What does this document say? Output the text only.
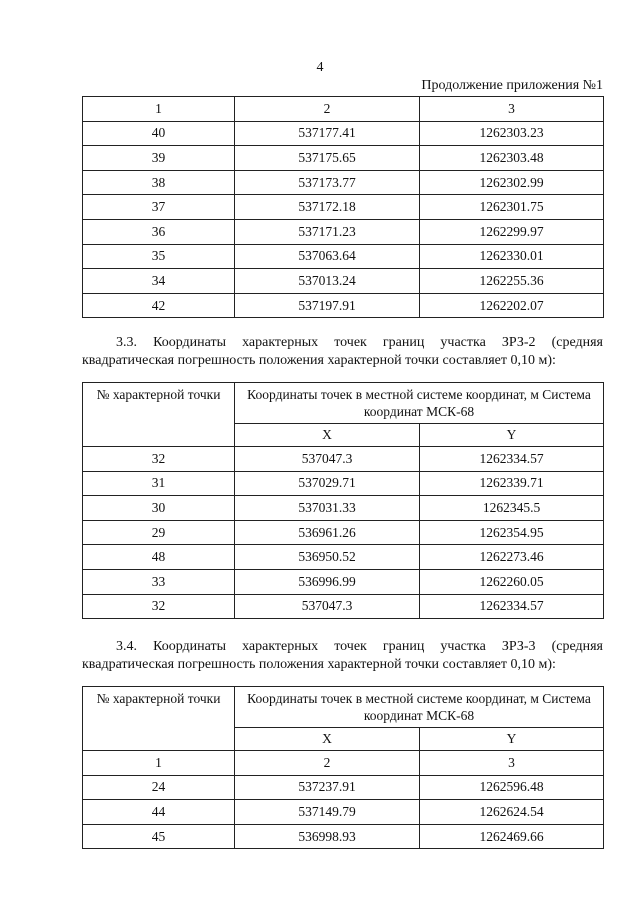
4
Продолжение приложения №1
1	2	3
40	537177.41	1262303.23
39	537175.65	1262303.48
38	537173.77	1262302.99
37	537172.18	1262301.75
36	537171.23	1262299.97
35	537063.64	1262330.01
34	537013.24	1262255.36
42	537197.91	1262202.07
3.3. Координаты характерных точек границ участка ЗРЗ-2 (средняя квадратическая погрешность положения характерной точки составляет 0,10 м):
№ характерной точки	Координаты точек в местной системе координат, м Система координат МСК-68	
	X	Y
32	537047.3	1262334.57
31	537029.71	1262339.71
30	537031.33	1262345.5
29	536961.26	1262354.95
48	536950.52	1262273.46
33	536996.99	1262260.05
32	537047.3	1262334.57
3.4. Координаты характерных точек границ участка ЗРЗ-3 (средняя квадратическая погрешность положения характерной точки составляет 0,10 м):
№ характерной точки	Координаты точек в местной системе координат, м Система координат МСК-68	
	X	Y
1	2	3
24	537237.91	1262596.48
44	537149.79	1262624.54
45	536998.93	1262469.66
